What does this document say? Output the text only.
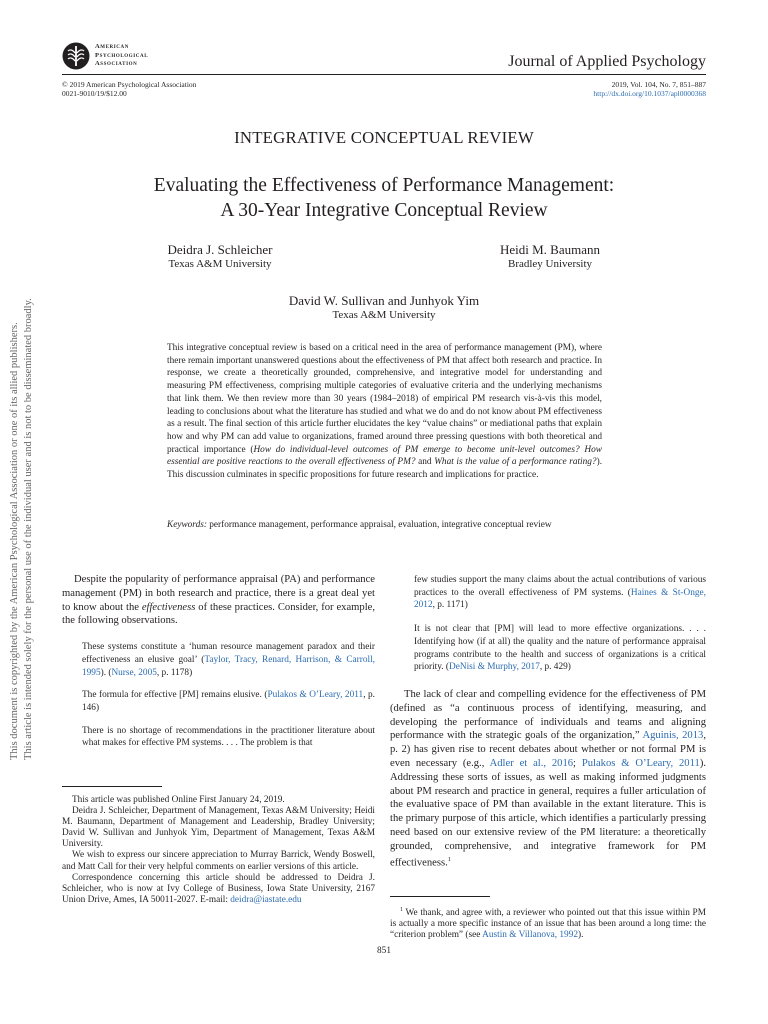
American
Psychological
Association	Journal of Applied Psychology
© 2019 American Psychological Association
0021-9010/19/$12.00
2019, Vol. 104, No. 7, 851–887
http://dx.doi.org/10.1037/apl0000368
This document is copyrighted by the American Psychological Association or one of its allied publishers. This article is intended solely for the personal use of the individual user and is not to be disseminated broadly.
INTEGRATIVE CONCEPTUAL REVIEW
Evaluating the Effectiveness of Performance Management:
A 30-Year Integrative Conceptual Review
Deidra J. Schleicher
Texas A&M University
Heidi M. Baumann
Bradley University
David W. Sullivan and Junhyok Yim
Texas A&M University
This integrative conceptual review is based on a critical need in the area of performance management (PM), where there remain important unanswered questions about the effectiveness of PM that affect both research and practice. In response, we create a theoretically grounded, comprehensive, and integrative model for understanding and measuring PM effectiveness, comprising multiple categories of evaluative criteria and the underlying mechanisms that link them. We then review more than 30 years (1984–2018) of empirical PM research vis-à-vis this model, leading to conclusions about what the literature has studied and what we do and do not know about PM effectiveness as a result. The final section of this article further elucidates the key “value chains” or mediational paths that explain how and why PM can add value to organizations, framed around three pressing questions with both theoretical and practical importance (How do individual-level outcomes of PM emerge to become unit-level outcomes? How essential are positive reactions to the overall effectiveness of PM? and What is the value of a performance rating?). This discussion culminates in specific propositions for future research and implications for practice.
Keywords: performance management, performance appraisal, evaluation, integrative conceptual review

Despite the popularity of performance appraisal (PA) and performance management (PM) in both research and practice, there is a great deal yet to know about the effectiveness of these practices. Consider, for example, the following observations.

These systems constitute a ‘human resource management paradox and their effectiveness an elusive goal’ (Taylor, Tracy, Renard, Harrison, & Carroll, 1995). (Nurse, 2005, p. 1178)

The formula for effective [PM] remains elusive. (Pulakos & O’Leary, 2011, p. 146)

There is no shortage of recommendations in the practitioner literature about what makes for effective PM systems. . . . The problem is that

This article was published Online First January 24, 2019.

Deidra J. Schleicher, Department of Management, Texas A&M University; Heidi M. Baumann, Department of Management and Leadership, Bradley University; David W. Sullivan and Junhyok Yim, Department of Management, Texas A&M University.

We wish to express our sincere appreciation to Murray Barrick, Wendy Boswell, and Matt Call for their very helpful comments on earlier versions of this article.

Correspondence concerning this article should be addressed to Deidra J. Schleicher, who is now at Ivy College of Business, Iowa State University, 2167 Union Drive, Ames, IA 50011-2027. E-mail: deidra@iastate.edu

few studies support the many claims about the actual contributions of various practices to the overall effectiveness of PM systems. (Haines & St-Onge, 2012, p. 1171)

It is not clear that [PM] will lead to more effective organizations. . . . Identifying how (if at all) the quality and the nature of performance appraisal programs contribute to the health and success of organizations is a critical priority. (DeNisi & Murphy, 2017, p. 429)

The lack of clear and compelling evidence for the effectiveness of PM (defined as “a continuous process of identifying, measuring, and developing the performance of individuals and teams and aligning performance with the strategic goals of the organization,” Aguinis, 2013, p. 2) has given rise to recent debates about whether or not formal PM is even necessary (e.g., Adler et al., 2016; Pulakos & O’Leary, 2011). Addressing these sorts of issues, as well as making informed judgments about PM research and practice in general, requires a fuller articulation of the evaluative space of PM than available in the extant literature. This is the primary purpose of this article, which identifies a particularly pressing need based on our extensive review of the PM literature: a theoretically grounded, comprehensive, and integrative framework for PM effectiveness.$^1$

$^1$ We thank, and agree with, a reviewer who pointed out that this issue within PM is actually a more specific instance of an issue that has been around a long time: the “criterion problem” (see Austin & Villanova, 1992).

851
